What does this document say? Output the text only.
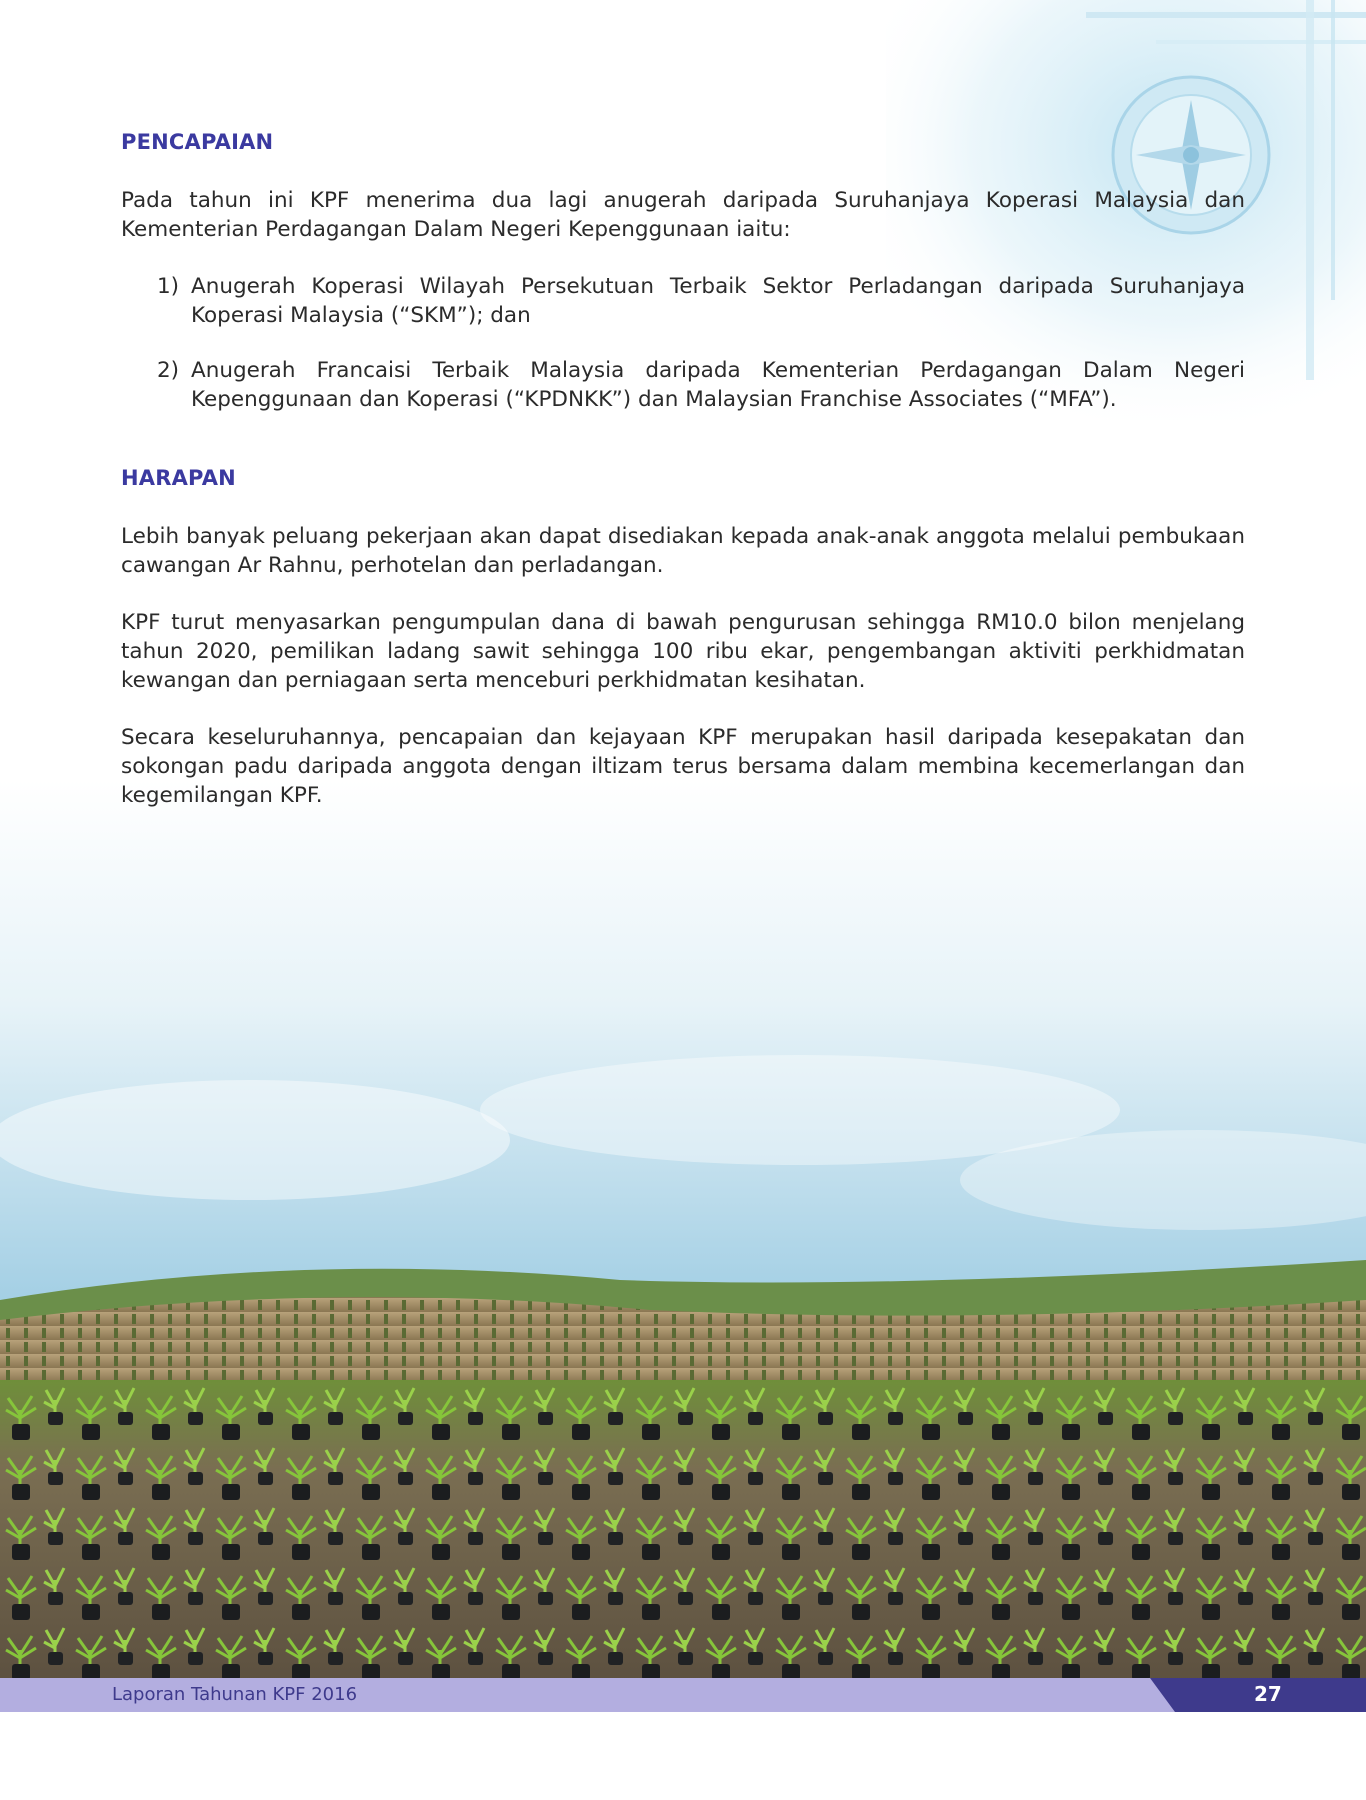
PENCAPAIAN

Pada tahun ini KPF menerima dua lagi anugerah daripada Suruhanjaya Koperasi Malaysia dan Kementerian Perdagangan Dalam Negeri Kepenggunaan iaitu:

1) Anugerah Koperasi Wilayah Persekutuan Terbaik Sektor Perladangan daripada Suruhanjaya Koperasi Malaysia (“SKM”); dan
2) Anugerah Francaisi Terbaik Malaysia daripada Kementerian Perdagangan Dalam Negeri Kepenggunaan dan Koperasi (“KPDNKK”) dan Malaysian Franchise Associates (“MFA”).
HARAPAN

Lebih banyak peluang pekerjaan akan dapat disediakan kepada anak-anak anggota melalui pembukaan cawangan Ar Rahnu, perhotelan dan perladangan.

KPF turut menyasarkan pengumpulan dana di bawah pengurusan sehingga RM10.0 bilon menjelang tahun 2020, pemilikan ladang sawit sehingga 100 ribu ekar, pengembangan aktiviti perkhidmatan kewangan dan perniagaan serta menceburi perkhidmatan kesihatan.

Secara keseluruhannya, pencapaian dan kejayaan KPF merupakan hasil daripada kesepakatan dan sokongan padu daripada anggota dengan iltizam terus bersama dalam membina kecemerlangan dan kegemilangan KPF.

Laporan Tahunan KPF 2016	27
